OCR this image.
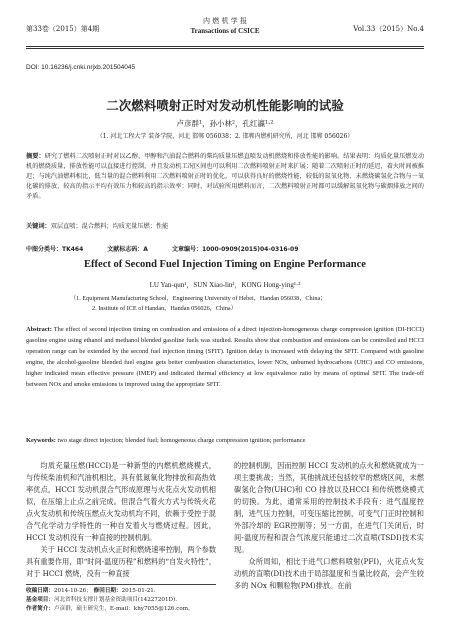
第33卷（2015）第4期
内 燃 机 学 报
Transactions of CSICE	Vol.33（2015）No.4
DOI: 10.16236/j.cnki.nrjxb.201504045
二次燃料喷射正时对发动机性能影响的试验
卢彦群¹，孙小林²，孔红瀛¹·²
（1. 河北工程大学 装备学院，河北 邯郸 056038；2. 邯郸内燃机研究所，河北 邯郸 056026）
摘要：研究了燃料二次喷射正时对以乙醇、甲醇和汽油混合燃料的柴均质量压燃直喷发动机燃烧和排放性能的影响。结果表明：均质化量压燃发动机的燃烧质量，排放性能可以直接进行控制，并且发动机工况区间也可以利用二次燃料喷射正时来扩展；随着二次喷射正时的延迟，着火时间被推迟；与纯汽油燃料相比，低当量的混合燃料利用二次燃料喷射正时的优化，可以获得良好的燃烧性能，较低的氮氧化物、未燃烧碳氢化合物与一氧化碳的排放，较高的指示平均有效压力和较高的指示效率；同时，对试验所用燃料而言，二次燃料喷射正时都可以缓解氮氧化物与碳烟排放之间的矛盾。
关键词：双层直喷；混合燃料；均质充量压燃；性能
中图分类号：TK464	文献标志码：A	文章编号：1000-0909(2015)04-0316-09
Effect of Second Fuel Injection Timing on Engine Performance
LU Yan-qun¹，SUN Xiao-lin²，KONG Hong-ying¹·²
（1. Equipment Manufacturing School，Engineering University of Hebei，Handan 056038，China；
2. Institute of ICE of Handan，Handan 056026，China）
Abstract: The effect of second injection timing on combustion and emissions of a direct injection-homogeneous charge compression ignition (DI-HCCI) gasoline engine using ethanol and methanol blended gasoline fuels was studied. Results show that combustion and emissions can be controlled and HCCI operation range can be extended by the second fuel injection timing (SFIT). Ignition delay is increased with delaying the SFIT. Compared with gasoline engine, the alcohol-gasoline blended fuel engine gets better combustion characteristics, lower NOx, unburned hydrocarbons (UHC) and CO emissions, higher indicated mean effective pressure (IMEP) and indicated thermal efficiency at low equivalence ratio by means of optimal SFIT. The trade-off between NOx and smoke emissions is improved using the appropriate SFIT.
Keywords: two stage direct injection; blended fuel; homogeneous charge compression ignition; performance

均质充量压燃(HCCI)是一种新型的内燃机燃烧模式，与传统柴油机和汽油机相比，具有低氮氧化物排放和高热效率优点，HCCI 发动机混合气形成原理与火花点火发动机相似，在压缩上止点之前完成。但混合气着火方式与传统火花点火发动机和传统压燃点火发动机均不同，依赖于受控于混合气化学动力学特性的一种自发着火与燃烧过程。因此，HCCI 发动机没有一种直接的控制机制。

关于 HCCI 发动机点火正时和燃烧速率控制，两个参数具有重要作用，即“时间-温度历程”和燃料的“自发火特性”，对于 HCCI 燃烧，没有一种直接

的控制机制，因而控制 HCCI 发动机的点火和燃烧就成为一项主要挑战；当然，其他挑战还包括较窄的燃烧区间，未燃碳氢化合物(UHC)和 CO 排放以及HCCI 和传统燃烧模式的切换。为此，通常采用的控制技术手段有：进气温度控制，进气压力控制，可变压缩比控制，可变气门正时控制和外部冷却的 EGR控制等；另一方面，在进气门关闭后，时间-温度历程和混合气浓度只能通过二次直喷(TSDI)技术实现。

众所周知，相比于进气口燃料喷射(PFI)，火花点火发动机的直喷(DI)技术由于局部温度和当量比较高，会产生较多的 NOx 和颗粒物(PM)排放。在前

收稿日期：2014-10-26； 修回日期：2015-01-21.
基金项目：河北省科技支撑计划基金资助项目(14227201D).
作者简介：卢彦群，硕士研究生，E-mail：khy7055@126.com。
